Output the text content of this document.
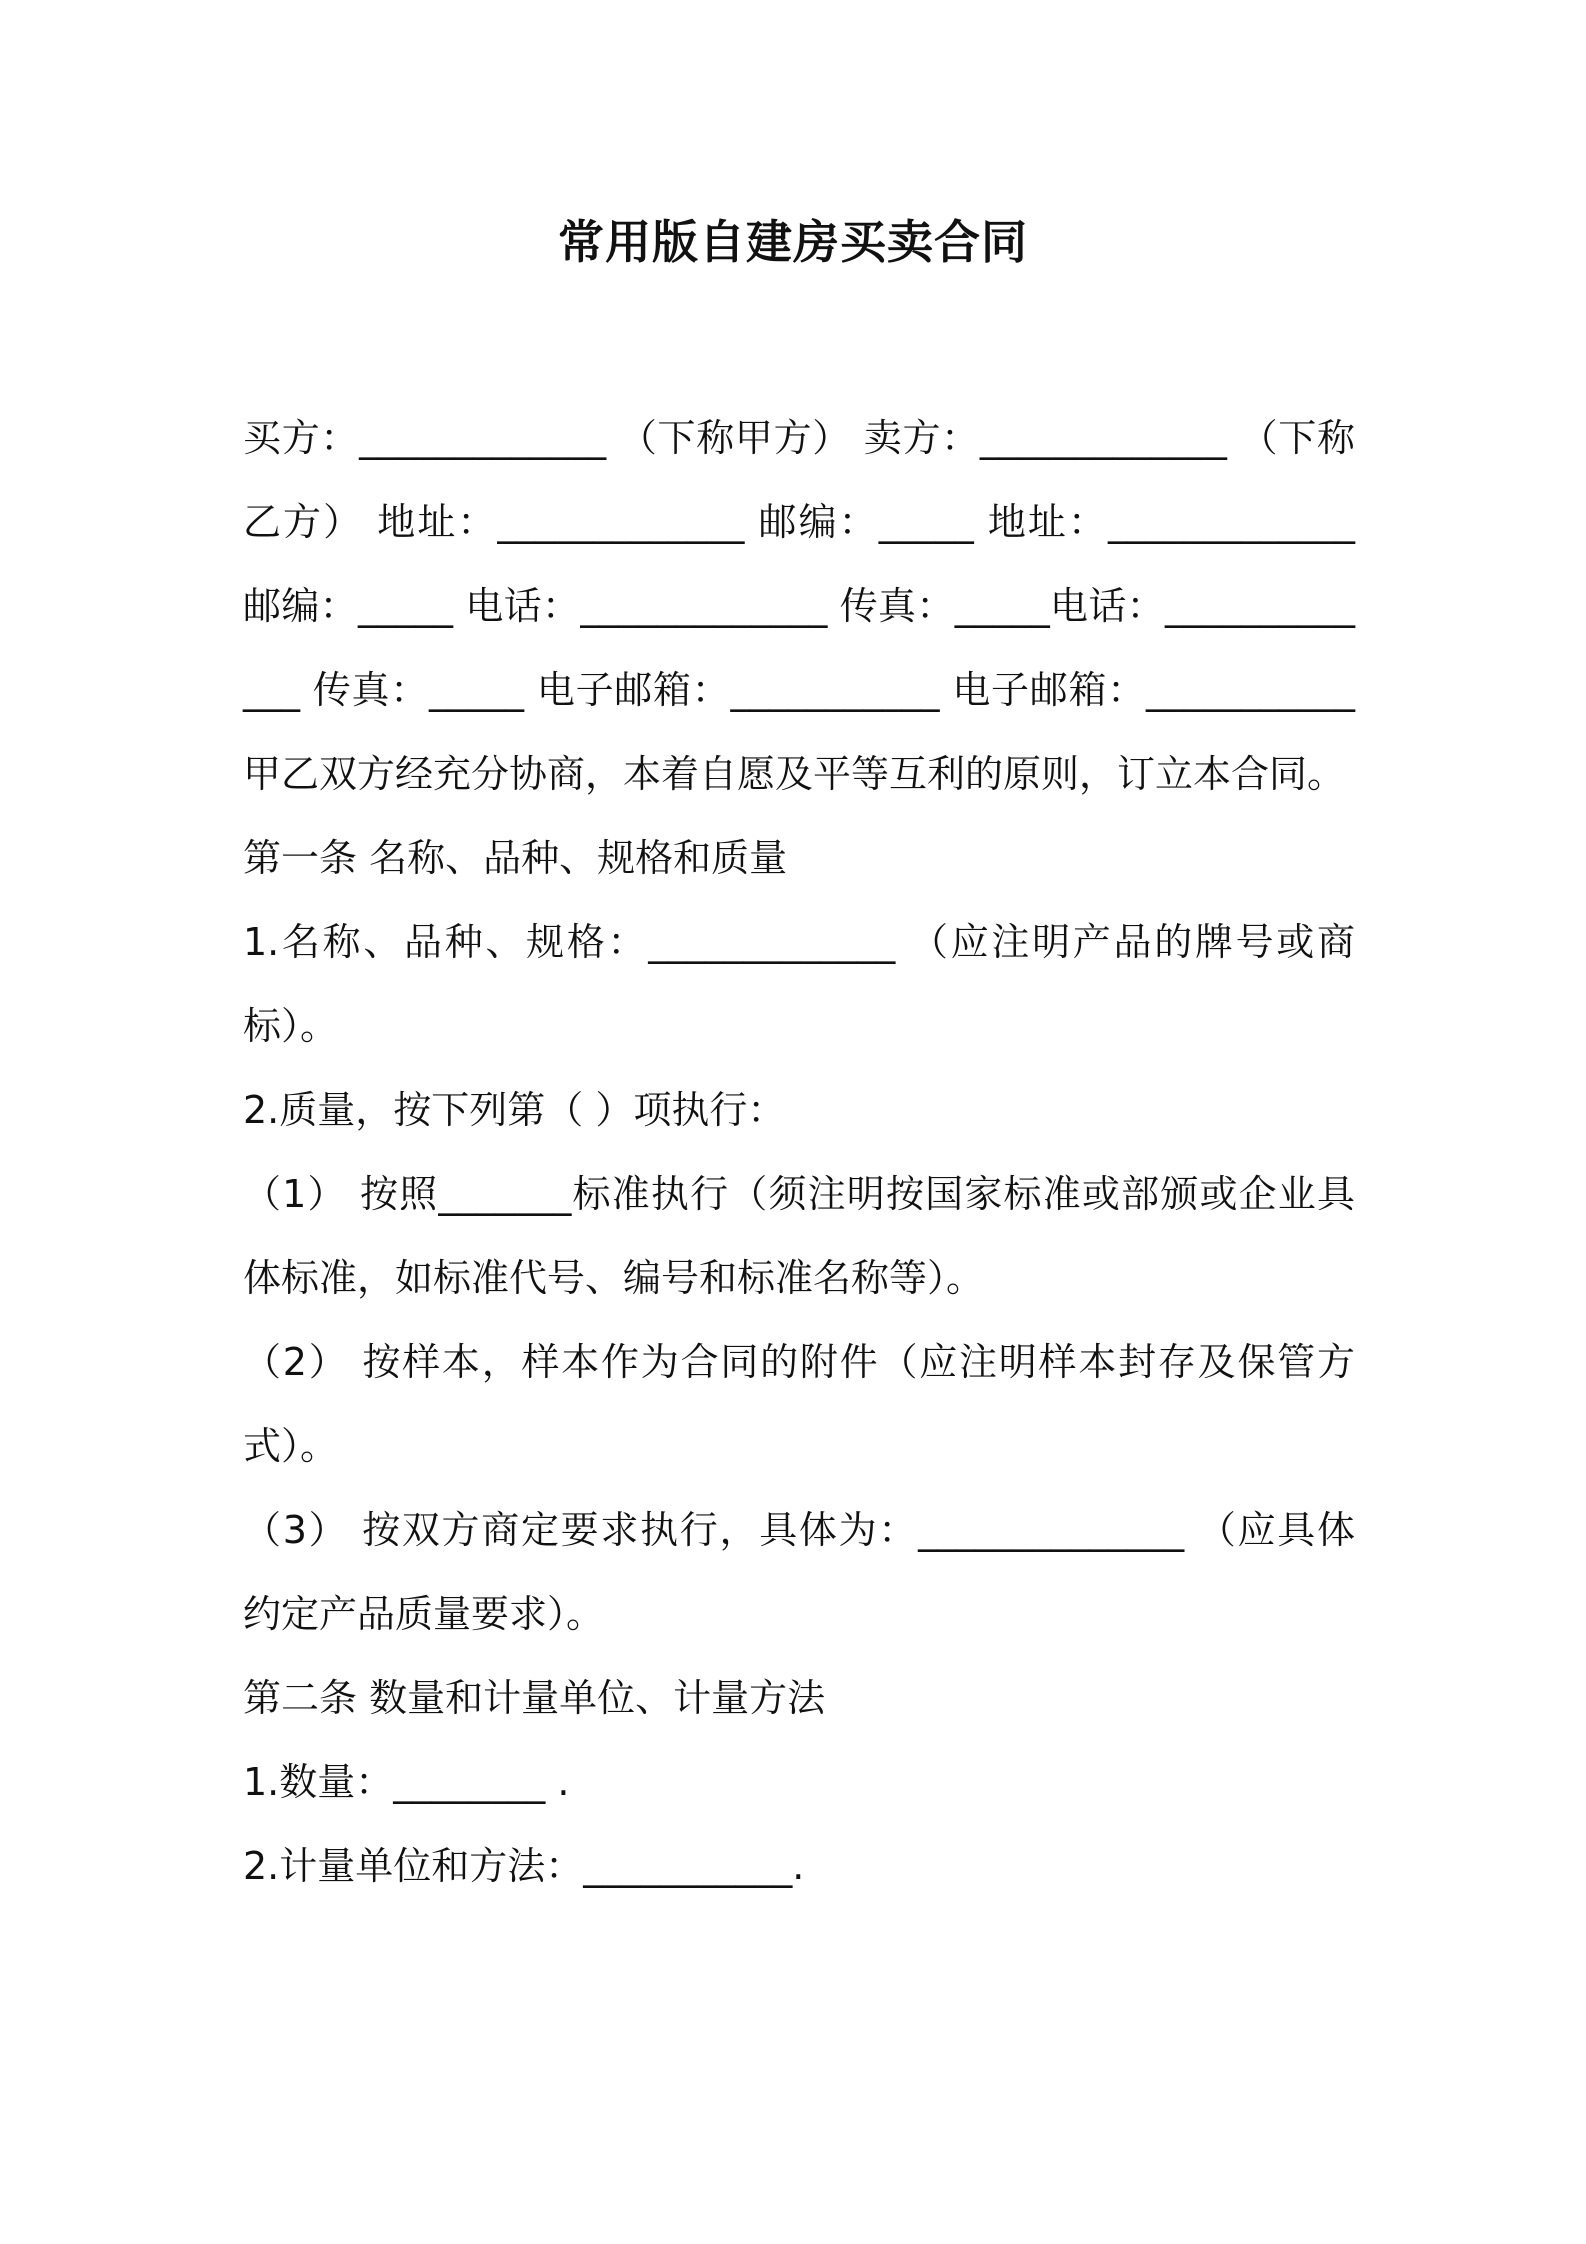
常用版自建房买卖合同

买方：_____________ （下称甲方） 卖方：_____________ （下称乙方） 地址：_____________ 邮编：_____ 地址：_____________ 邮编：_____ 电话：_____________ 传真：_____电话：_____________ 传真：_____ 电子邮箱：___________ 电子邮箱：___________ 甲乙双方经充分协商，本着自愿及平等互利的原则，订立本合同。

第一条 名称、品种、规格和质量

1.名称、品种、规格：_____________ （应注明产品的牌号或商标）。

2.质量，按下列第（ ）项执行：

（1） 按照_______标准执行（须注明按国家标准或部颁或企业具体标准，如标准代号、编号和标准名称等）。

（2） 按样本，样本作为合同的附件（应注明样本封存及保管方式）。

（3） 按双方商定要求执行，具体为：______________ （应具体约定产品质量要求）。

第二条 数量和计量单位、计量方法

1.数量：________ .

2.计量单位和方法：___________.
